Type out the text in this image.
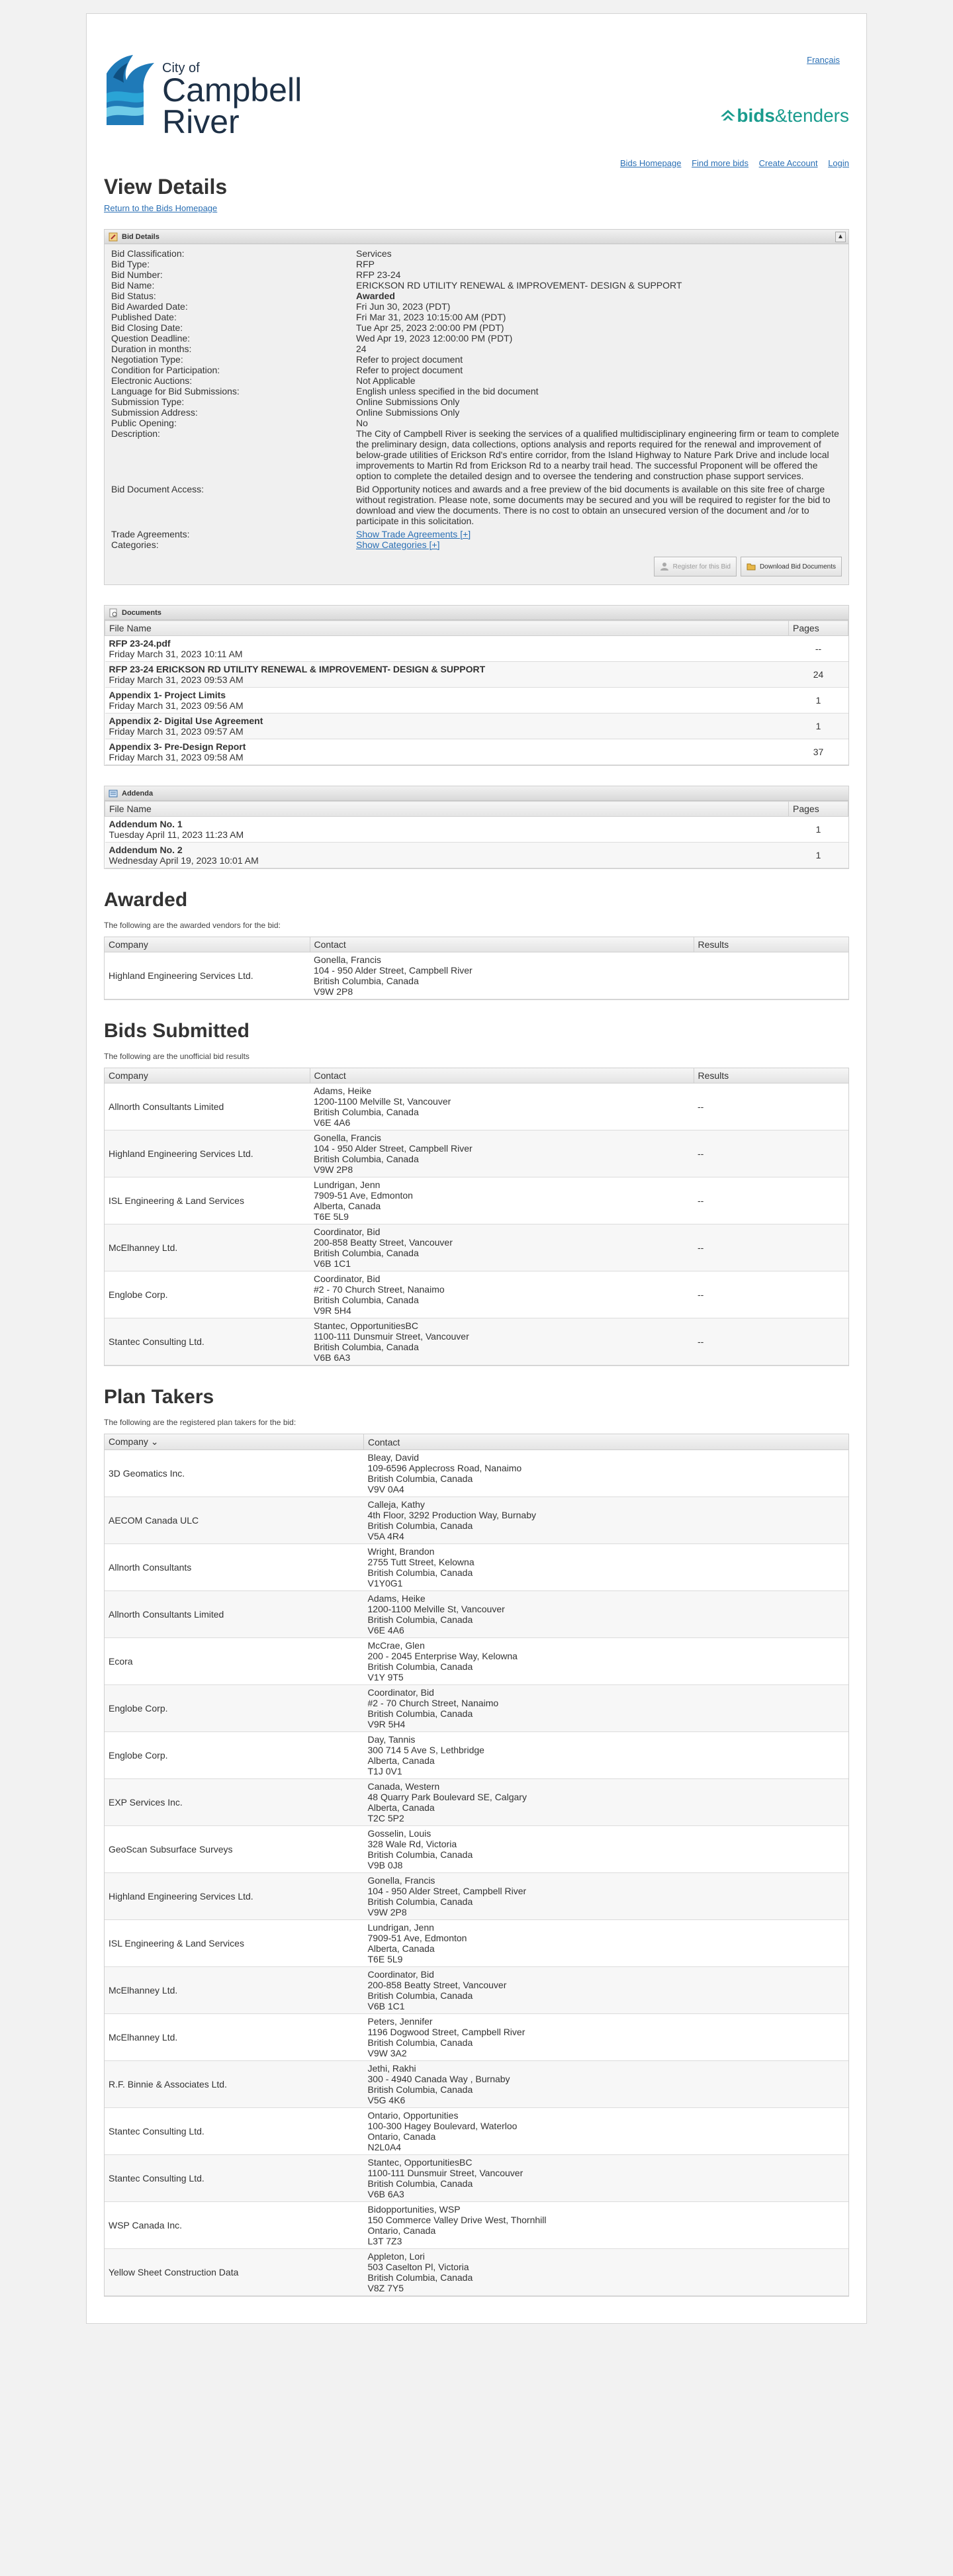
City of
Campbell
River
Français
bids &tenders
Bids Homepage Find more bids Create Account Login
View Details
Return to the Bids Homepage
Bid Details	▲
Bid Classification:	Services
Bid Type:	RFP
Bid Number:	RFP 23-24
Bid Name:	ERICKSON RD UTILITY RENEWAL & IMPROVEMENT- DESIGN & SUPPORT
Bid Status:	Awarded
Bid Awarded Date:	Fri Jun 30, 2023 (PDT)
Published Date:	Fri Mar 31, 2023 10:15:00 AM (PDT)
Bid Closing Date:	Tue Apr 25, 2023 2:00:00 PM (PDT)
Question Deadline:	Wed Apr 19, 2023 12:00:00 PM (PDT)
Duration in months:	24
Negotiation Type:	Refer to project document
Condition for Participation:	Refer to project document
Electronic Auctions:	Not Applicable
Language for Bid Submissions:	English unless specified in the bid document
Submission Type:	Online Submissions Only
Submission Address:	Online Submissions Only
Public Opening:	No
Description:	The City of Campbell River is seeking the services of a qualified multidisciplinary engineering firm or team to complete the preliminary design, data collections, options analysis and reports required for the renewal and improvement of below-grade utilities of Erickson Rd's entire corridor, from the Island Highway to Nature Park Drive and include local improvements to Martin Rd from Erickson Rd to a nearby trail head. The successful Proponent will be offered the option to complete the detailed design and to oversee the tendering and construction phase support services.
Bid Document Access:	Bid Opportunity notices and awards and a free preview of the bid documents is available on this site free of charge without registration. Please note, some documents may be secured and you will be required to register for the bid to download and view the documents. There is no cost to obtain an unsecured version of the document and /or to participate in this solicitation.
Trade Agreements:	Show Trade Agreements [+]
Categories:	Show Categories [+]
Register for this Bid	Download Bid Documents
Documents
File Name	Pages

RFP 23-24.pdf
Friday March 31, 2023 10:11 AM	--

RFP 23-24 ERICKSON RD UTILITY RENEWAL & IMPROVEMENT- DESIGN & SUPPORT
Friday March 31, 2023 09:53 AM	24

Appendix 1- Project Limits
Friday March 31, 2023 09:56 AM	1

Appendix 2- Digital Use Agreement
Friday March 31, 2023 09:57 AM	1

Appendix 3- Pre-Design Report
Friday March 31, 2023 09:58 AM	37
Addenda
File Name	Pages

Addendum No. 1
Tuesday April 11, 2023 11:23 AM	1

Addendum No. 2
Wednesday April 19, 2023 10:01 AM	1
Awarded

The following are the awarded vendors for the bid:

Company	Contact	Results
Highland Engineering Services Ltd.	Gonella, Francis
104 - 950 Alder Street, Campbell River
British Columbia, Canada
V9W 2P8	

Bids Submitted

The following are the unofficial bid results

Company	Contact	Results
Allnorth Consultants Limited	Adams, Heike
1200-1100 Melville St, Vancouver
British Columbia, Canada
V6E 4A6	--
Highland Engineering Services Ltd.	Gonella, Francis
104 - 950 Alder Street, Campbell River
British Columbia, Canada
V9W 2P8	--
ISL Engineering & Land Services	Lundrigan, Jenn
7909-51 Ave, Edmonton
Alberta, Canada
T6E 5L9	--
McElhanney Ltd.	Coordinator, Bid
200-858 Beatty Street, Vancouver
British Columbia, Canada
V6B 1C1	--
Englobe Corp.	Coordinator, Bid
#2 - 70 Church Street, Nanaimo
British Columbia, Canada
V9R 5H4	--
Stantec Consulting Ltd.	Stantec, OpportunitiesBC
1100-111 Dunsmuir Street, Vancouver
British Columbia, Canada
V6B 6A3	--
Plan Takers

The following are the registered plan takers for the bid:

Company ⌄	Contact
3D Geomatics Inc.	Bleay, David
109-6596 Applecross Road, Nanaimo
British Columbia, Canada
V9V 0A4

AECOM Canada ULC	Calleja, Kathy
4th Floor, 3292 Production Way, Burnaby
British Columbia, Canada
V5A 4R4

Allnorth Consultants	Wright, Brandon
2755 Tutt Street, Kelowna
British Columbia, Canada
V1Y0G1

Allnorth Consultants Limited	Adams, Heike
1200-1100 Melville St, Vancouver
British Columbia, Canada
V6E 4A6

Ecora	McCrae, Glen
200 - 2045 Enterprise Way, Kelowna
British Columbia, Canada
V1Y 9T5

Englobe Corp.	Coordinator, Bid
#2 - 70 Church Street, Nanaimo
British Columbia, Canada
V9R 5H4

Englobe Corp.	Day, Tannis
300 714 5 Ave S, Lethbridge
Alberta, Canada
T1J 0V1

EXP Services Inc.	Canada, Western
48 Quarry Park Boulevard SE, Calgary
Alberta, Canada
T2C 5P2

GeoScan Subsurface Surveys	Gosselin, Louis
328 Wale Rd, Victoria
British Columbia, Canada
V9B 0J8

Highland Engineering Services Ltd.	Gonella, Francis
104 - 950 Alder Street, Campbell River
British Columbia, Canada
V9W 2P8

ISL Engineering & Land Services	Lundrigan, Jenn
7909-51 Ave, Edmonton
Alberta, Canada
T6E 5L9

McElhanney Ltd.	Coordinator, Bid
200-858 Beatty Street, Vancouver
British Columbia, Canada
V6B 1C1

McElhanney Ltd.	Peters, Jennifer
1196 Dogwood Street, Campbell River
British Columbia, Canada
V9W 3A2

R.F. Binnie & Associates Ltd.	Jethi, Rakhi
300 - 4940 Canada Way , Burnaby
British Columbia, Canada
V5G 4K6

Stantec Consulting Ltd.	Ontario, Opportunities
100-300 Hagey Boulevard, Waterloo
Ontario, Canada
N2L0A4

Stantec Consulting Ltd.	Stantec, OpportunitiesBC
1100-111 Dunsmuir Street, Vancouver
British Columbia, Canada
V6B 6A3

WSP Canada Inc.	Bidopportunities, WSP
150 Commerce Valley Drive West, Thornhill
Ontario, Canada
L3T 7Z3

Yellow Sheet Construction Data	Appleton, Lori
503 Caselton Pl, Victoria
British Columbia, Canada
V8Z 7Y5
